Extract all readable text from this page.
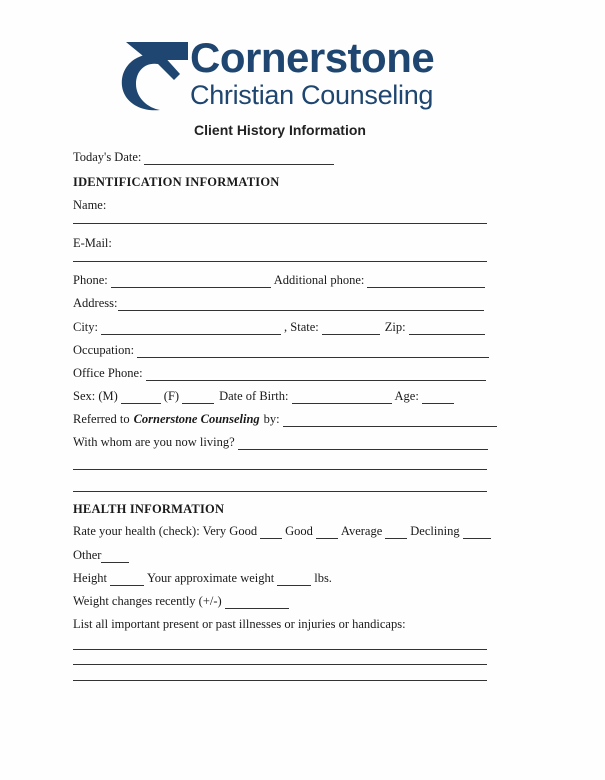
Cornerstone
Christian Counseling
Client History Information
Today's Date:
IDENTIFICATION INFORMATION
Name:
E-Mail:
Phone:	Additional phone:
Address:
City:	, State:	Zip:
Occupation:
Office Phone:
Sex: (M)	(F)	Date of Birth:	Age:
Referred to Cornerstone Counseling by:
With whom are you now living?
HEALTH INFORMATION
Rate your health (check): Very Good Good Average Declining
Other
Height	Your approximate weight	lbs.
Weight changes recently (+/-)
List all important present or past illnesses or injuries or handicaps:
